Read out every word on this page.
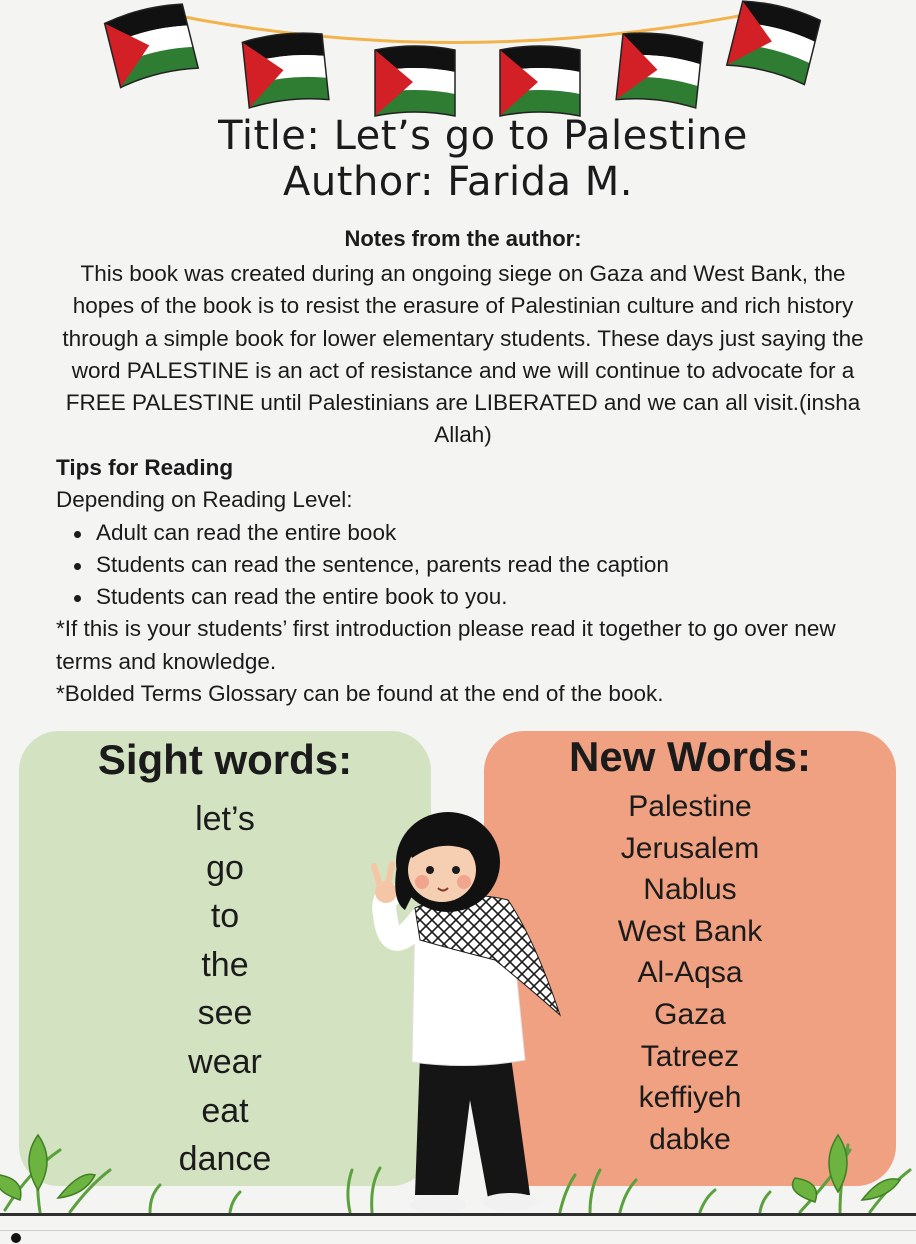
Title: Let’s go to Palestine
Author: Farida M.
Notes from the author:
This book was created during an ongoing siege on Gaza and West Bank, the hopes of the book is to resist the erasure of Palestinian culture and rich history through a simple book for lower elementary students. These days just saying the word PALESTINE is an act of resistance and we will continue to advocate for a FREE PALESTINE until Palestinians are LIBERATED and we can all visit.(insha Allah)
Tips for Reading
Depending on Reading Level:
Adult can read the entire book
Students can read the sentence, parents read the caption
Students can read the entire book to you.
*If this is your students’ first introduction please read it together to go over new terms and knowledge.
*Bolded Terms Glossary can be found at the end of the book.
Sight words:
let’s
go
to
the
see
wear
eat
dance
New Words:
Palestine
Jerusalem
Nablus
West Bank
Al-Aqsa
Gaza
Tatreez
keffiyeh
dabke
